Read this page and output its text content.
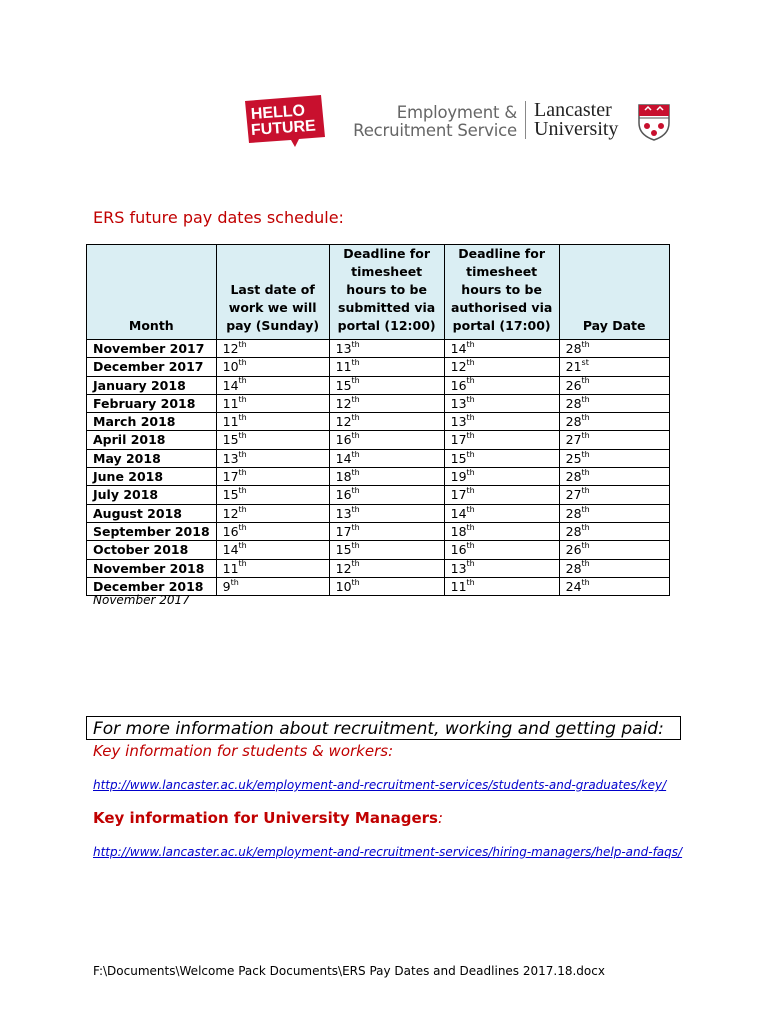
HELLO
FUTURE
Employment &
Recruitment Service
Lancaster
University
ERS future pay dates schedule:
Month	Last date of work we will pay (Sunday)	Deadline for timesheet hours to be submitted via portal (12:00)	Deadline for timesheet hours to be authorised via portal (17:00)	Pay Date
November 2017	12th	13th	14th	28th
December 2017	10th	11th	12th	21st
January 2018	14th	15th	16th	26th
February 2018	11th	12th	13th	28th
March 2018	11th	12th	13th	28th
April 2018	15th	16th	17th	27th
May 2018	13th	14th	15th	25th
June 2018	17th	18th	19th	28th
July 2018	15th	16th	17th	27th
August 2018	12th	13th	14th	28th
September 2018	16th	17th	18th	28th
October 2018	14th	15th	16th	26th
November 2018	11th	12th	13th	28th
December 2018	9th	10th	11th	24th
November 2017
For more information about recruitment, working and getting paid:
Key information for students & workers:
http://www.lancaster.ac.uk/employment-and-recruitment-services/students-and-graduates/key/
Key information for University Managers:
http://www.lancaster.ac.uk/employment-and-recruitment-services/hiring-managers/help-and-faqs/
F:\Documents\Welcome Pack Documents\ERS Pay Dates and Deadlines 2017.18.docx
